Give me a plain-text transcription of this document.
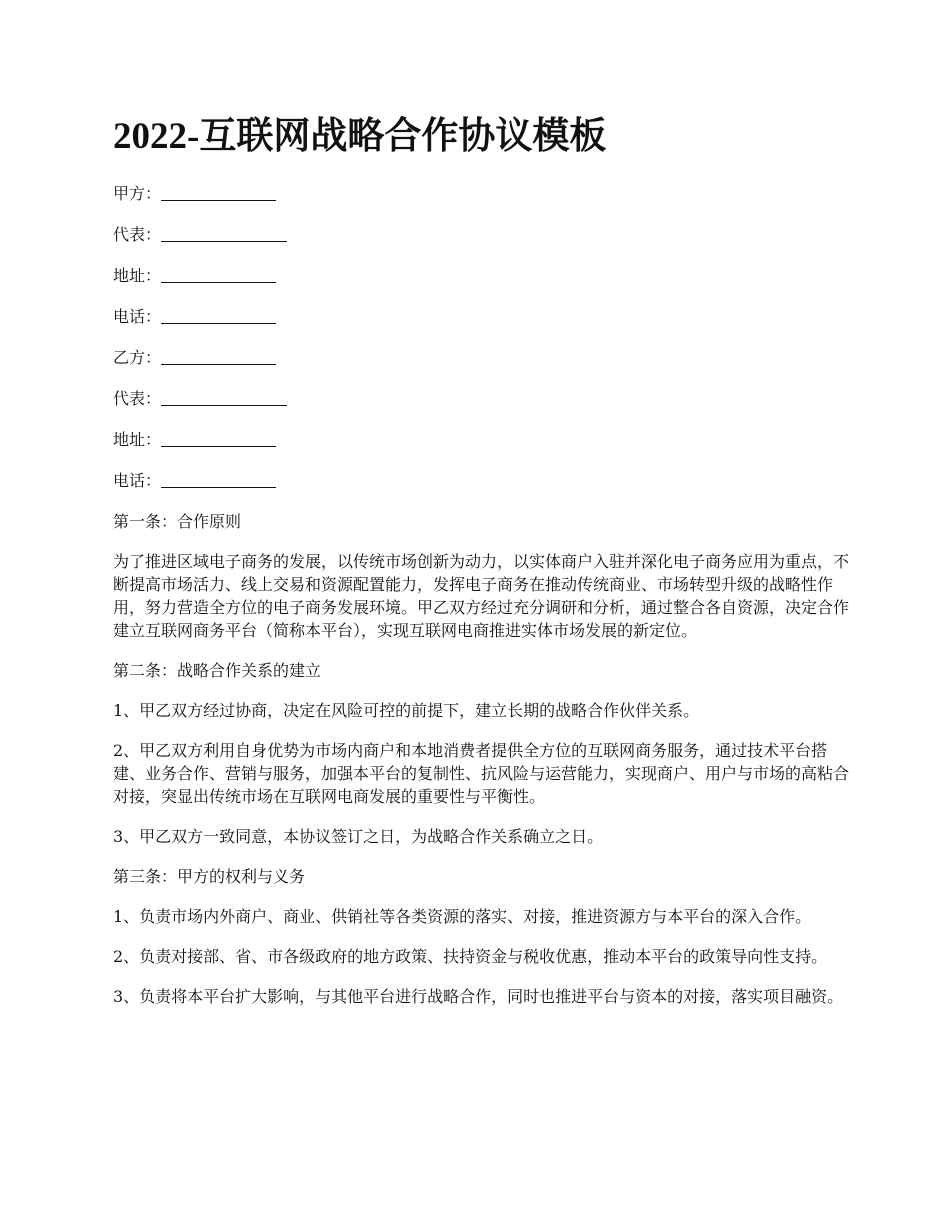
2022-互联网战略合作协议模板
甲方：
代表：
地址：
电话：
乙方：
代表：
地址：
电话：

第一条：合作原则

为了推进区域电子商务的发展，以传统市场创新为动力，以实体商户入驻并深化电子商务应用为重点，不断提高市场活力、线上交易和资源配置能力，发挥电子商务在推动传统商业、市场转型升级的战略性作用，努力营造全方位的电子商务发展环境。甲乙双方经过充分调研和分析，通过整合各自资源，决定合作建立互联网商务平台（简称本平台），实现互联网电商推进实体市场发展的新定位。

第二条：战略合作关系的建立

1、甲乙双方经过协商，决定在风险可控的前提下，建立长期的战略合作伙伴关系。

2、甲乙双方利用自身优势为市场内商户和本地消费者提供全方位的互联网商务服务，通过技术平台搭建、业务合作、营销与服务，加强本平台的复制性、抗风险与运营能力，实现商户、用户与市场的高粘合对接，突显出传统市场在互联网电商发展的重要性与平衡性。

3、甲乙双方一致同意，本协议签订之日，为战略合作关系确立之日。

第三条：甲方的权利与义务

1、负责市场内外商户、商业、供销社等各类资源的落实、对接，推进资源方与本平台的深入合作。

2、负责对接部、省、市各级政府的地方政策、扶持资金与税收优惠，推动本平台的政策导向性支持。

3、负责将本平台扩大影响，与其他平台进行战略合作，同时也推进平台与资本的对接，落实项目融资。
